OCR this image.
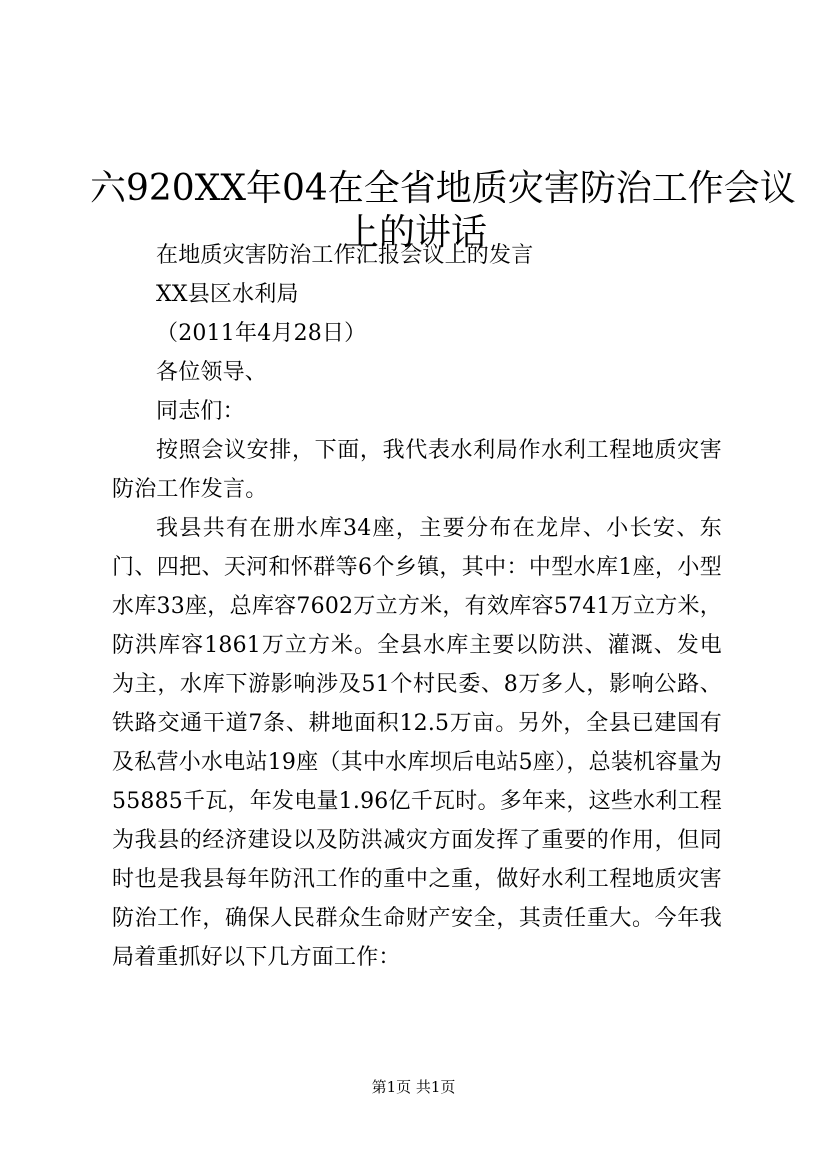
六920XX年04在全省地质灾害防治工作会议
上的讲话

在地质灾害防治工作汇报会议上的发言

XX县区水利局

（2011年4月28日）

各位领导、

同志们：

按照会议安排，下面，我代表水利局作水利工程地质灾害防治工作发言。

我县共有在册水库34座，主要分布在龙岸、小长安、东门、四把、天河和怀群等6个乡镇，其中：中型水库1座，小型水库33座，总库容7602万立方米，有效库容5741万立方米，防洪库容1861万立方米。全县水库主要以防洪、灌溉、发电为主，水库下游影响涉及51个村民委、8万多人，影响公路、铁路交通干道7条、耕地面积12.5万亩。另外，全县已建国有及私营小水电站19座（其中水库坝后电站5座），总装机容量为55885千瓦，年发电量1.96亿千瓦时。多年来，这些水利工程为我县的经济建设以及防洪减灾方面发挥了重要的作用，但同时也是我县每年防汛工作的重中之重，做好水利工程地质灾害防治工作，确保人民群众生命财产安全，其责任重大。今年我局着重抓好以下几方面工作：

第1页 共1页
